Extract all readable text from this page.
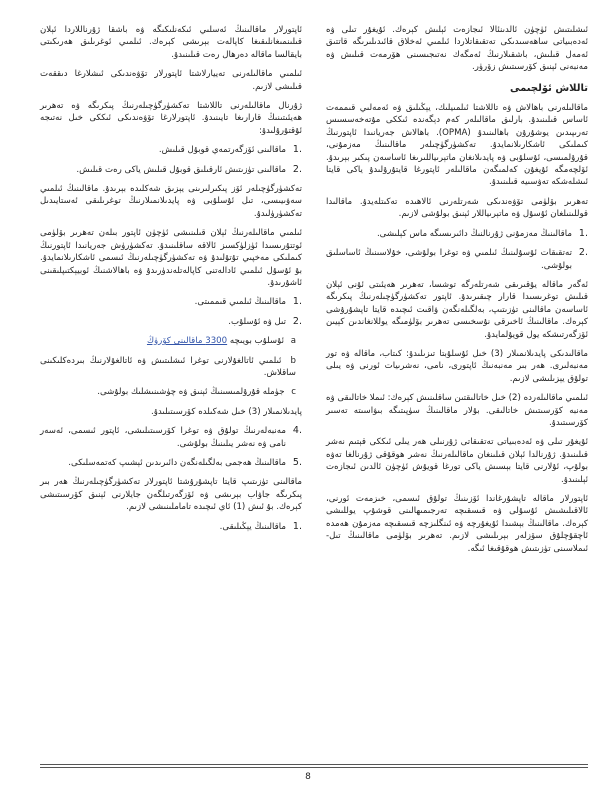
ئىشلىتىش ئۈچۈن ئالدىنئالا ئىجازەت ئېلىش كېرەك. ئۇيغۇر تىلى ۋە ئەدەبىياتى ساھەسىدىكى تەتقىقاتلاردا ئىلمىي ئەخلاق قائىدىلىرىگە قاتتىق ئەمەل قىلىش، باشقىلارنىڭ ئەمگەك نەتىجىسىنى ھۆرمەت قىلىش ۋە مەنبەنى ئېنىق كۆرسىتىش زۆرۈر.

تاللاش ئۆلچىمى

ماقالىلەرنى باھالاش ۋە تاللاشتا ئىلمىيلىك، يېڭىلىق ۋە ئەمەلىي قىممەت ئاساس قىلىنىدۇ. بارلىق ماقالىلەر كەم دېگەندە ئىككى مۇتەخەسسىس تەرىپىدىن يوشۇرۇن باھالىنىدۇ (OPMA). باھالاش جەريانىدا ئاپتورنىڭ كىملىكى ئاشكارىلانمايدۇ. تەكشۈرگۈچىلەر ماقالىنىڭ مەزمۇنى، قۇرۇلمىسى، ئۇسلۇبى ۋە پايدىلانغان ماتېرىياللىرىغا ئاساسەن پىكىر بېرىدۇ. ئۆلچەمگە ئۇيغۇن كەلمىگەن ماقالىلەر ئاپتورغا قايتۇرۇلىدۇ ياكى قايتا ئىشلەشكە تەۋسىيە قىلىنىدۇ.

تەھرىر بۆلۈمى تۆۋەندىكى شەرتلەرنى ئالاھىدە تەكىتلەيدۇ. ماقالىدا قوللىنىلغان ئۇسۇل ۋە ماتېرىياللار ئېنىق بولۇشى لازىم.

.1
ماقالىنىڭ مەزمۇنى ژۇرنالنىڭ دائىرىسىگە ماس كېلىشى.
.2
تەتقىقات ئۇسۇلىنىڭ ئىلمىي ۋە توغرا بولۇشى، خۇلاسىنىڭ ئاساسلىق بولۇشى.

ئەگەر ماقالە يۇقىرىقى شەرتلەرگە توشسا، تەھرىر ھەيئىتى ئۇنى ئېلان قىلىش توغرىسىدا قارار چىقىرىدۇ. ئاپتور تەكشۈرگۈچىلەرنىڭ پىكرىگە ئاساسەن ماقالىنى تۈزىتىپ، بەلگىلەنگەن ۋاقىت ئىچىدە قايتا تاپشۇرۇشى كېرەك. ماقالىنىڭ ئاخىرقى نۇسخىسى تەھرىر بۆلۈمىگە يوللانغاندىن كېيىن ئۆزگەرتىشكە يول قويۇلمايدۇ.

ماقالىدىكى پايدىلانمىلار (3) خىل ئۇسلۇبتا تىزىلىدۇ: كىتاب، ماقالە ۋە تور مەنبەلىرى. ھەر بىر مەنبەنىڭ ئاپتورى، نامى، نەشرىيات ئورنى ۋە يىلى تولۇق يېزىلىشى لازىم.

ئىلمىي ماقالىلەردە (2) خىل خاتالىقتىن ساقلىنىش كېرەك: ئىملا خاتالىقى ۋە مەنبە كۆرسىتىش خاتالىقى. بۇلار ماقالىنىڭ سۈپىتىگە بىۋاسىتە تەسىر كۆرسىتىدۇ.

ئۇيغۇر تىلى ۋە ئەدەبىياتى تەتقىقاتى ژۇرنىلى ھەر يىلى ئىككى قېتىم نەشر قىلىنىدۇ. ژۇرنالدا ئېلان قىلىنغان ماقالىلەرنىڭ نەشر ھوقۇقى ژۇرنالغا تەۋە بولۇپ، ئۇلارنى قايتا بېسىش ياكى تورغا قويۇش ئۈچۈن ئالدىن ئىجازەت ئېلىنىدۇ.

ئاپتورلار ماقالە تاپشۇرغاندا ئۆزىنىڭ تولۇق ئىسمى، خىزمەت ئورنى، ئالاقىلىشىش ئۇسۇلى ۋە قىسقىچە تەرجىمىھالىنى قوشۇپ يوللىشى كېرەك. ماقالىنىڭ بېشىدا ئۇيغۇرچە ۋە ئىنگلىزچە قىسقىچە مەزمۇن ھەمدە ئاچقۇچلۇق سۆزلەر بېرىلىشى لازىم. تەھرىر بۆلۈمى ماقالىنىڭ تىل-ئىملاسىنى تۈزىتىش ھوقۇقىغا ئىگە.

ئاپتورلار ماقالىنىڭ ئەسلىي ئىكەنلىكىگە ۋە باشقا ژۇرناللاردا ئېلان قىلىنمىغانلىقىغا كاپالەت بېرىشى كېرەك. ئىلمىي ئوغرىلىق ھەرىكىتى بايقالسا ماقالە دەرھال رەت قىلىنىدۇ.

ئىلمىي ماقالىلەرنى تەييارلاشتا ئاپتورلار تۆۋەندىكى ئىشلارغا دىققەت قىلىشى لازىم.

ژۇرنال ماقالىلەرنى تاللاشتا تەكشۈرگۈچىلەرنىڭ پىكرىگە ۋە تەھرىر ھەيئىتىنىڭ قارارىغا تايىنىدۇ. ئاپتورلارغا تۆۋەندىكى ئىككى خىل نەتىجە ئۇقتۇرۇلىدۇ:

.1
ماقالىنى ئۆزگەرتمەي قوبۇل قىلىش.
.2
ماقالىنى تۈزىتىش ئارقىلىق قوبۇل قىلىش ياكى رەت قىلىش.

تەكشۈرگۈچىلەر ئۆز پىكىرلىرىنى يېزىق شەكلىدە بېرىدۇ. ماقالىنىڭ ئىلمىي سەۋىيىسى، تىل ئۇسلۇبى ۋە پايدىلانمىلارنىڭ توغرىلىقى ئەستايىدىل تەكشۈرۈلىدۇ.

ئىلمىي ماقالىلەرنىڭ ئېلان قىلىنىشى ئۈچۈن ئاپتور بىلەن تەھرىر بۆلۈمى ئوتتۇرىسىدا ئۈزلۈكسىز ئالاقە ساقلىنىدۇ. تەكشۈرۈش جەريانىدا ئاپتورنىڭ كىملىكى مەخپىي تۇتۇلىدۇ ۋە تەكشۈرگۈچىلەرنىڭ ئىسمى ئاشكارىلانمايدۇ. بۇ ئۇسۇل ئىلمىي ئادالەتنى كاپالەتلەندۈرىدۇ ۋە باھالاشنىڭ ئوبيېكتىپلىقىنى ئاشۇرىدۇ.

.1
ماقالىنىڭ ئىلمىي قىممىتى.
.2
تىل ۋە ئۇسلۇب.
a ئۇسلۇب بويىچە 3300 ماقالىنى كۆرۈڭ
b ئىلمىي ئاتالغۇلارنى توغرا ئىشلىتىش ۋە ئاتالغۇلارنىڭ بىردەكلىكىنى ساقلاش.
c جۈملە قۇرۇلمىسىنىڭ ئېنىق ۋە چۈشىنىشلىك بولۇشى.

پايدىلانمىلار (3) خىل شەكىلدە كۆرسىتىلىدۇ.

.4
مەنبەلەرنىڭ تولۇق ۋە توغرا كۆرسىتىلىشى، ئاپتور ئىسمى، ئەسەر نامى ۋە نەشر يىلىنىڭ بولۇشى.
.5
ماقالىنىڭ ھەجمى بەلگىلەنگەن دائىرىدىن ئېشىپ كەتمەسلىكى.

ماقالىنى تۈزىتىپ قايتا تاپشۇرۇشتا ئاپتورلار تەكشۈرگۈچىلەرنىڭ ھەر بىر پىكرىگە جاۋاب بېرىشى ۋە ئۆزگەرتىلگەن جايلارنى ئېنىق كۆرسىتىشى كېرەك. بۇ ئىش (1) ئاي ئىچىدە تاماملىنىشى لازىم.

.1
ماقالىنىڭ يېڭىلىقى.
8
